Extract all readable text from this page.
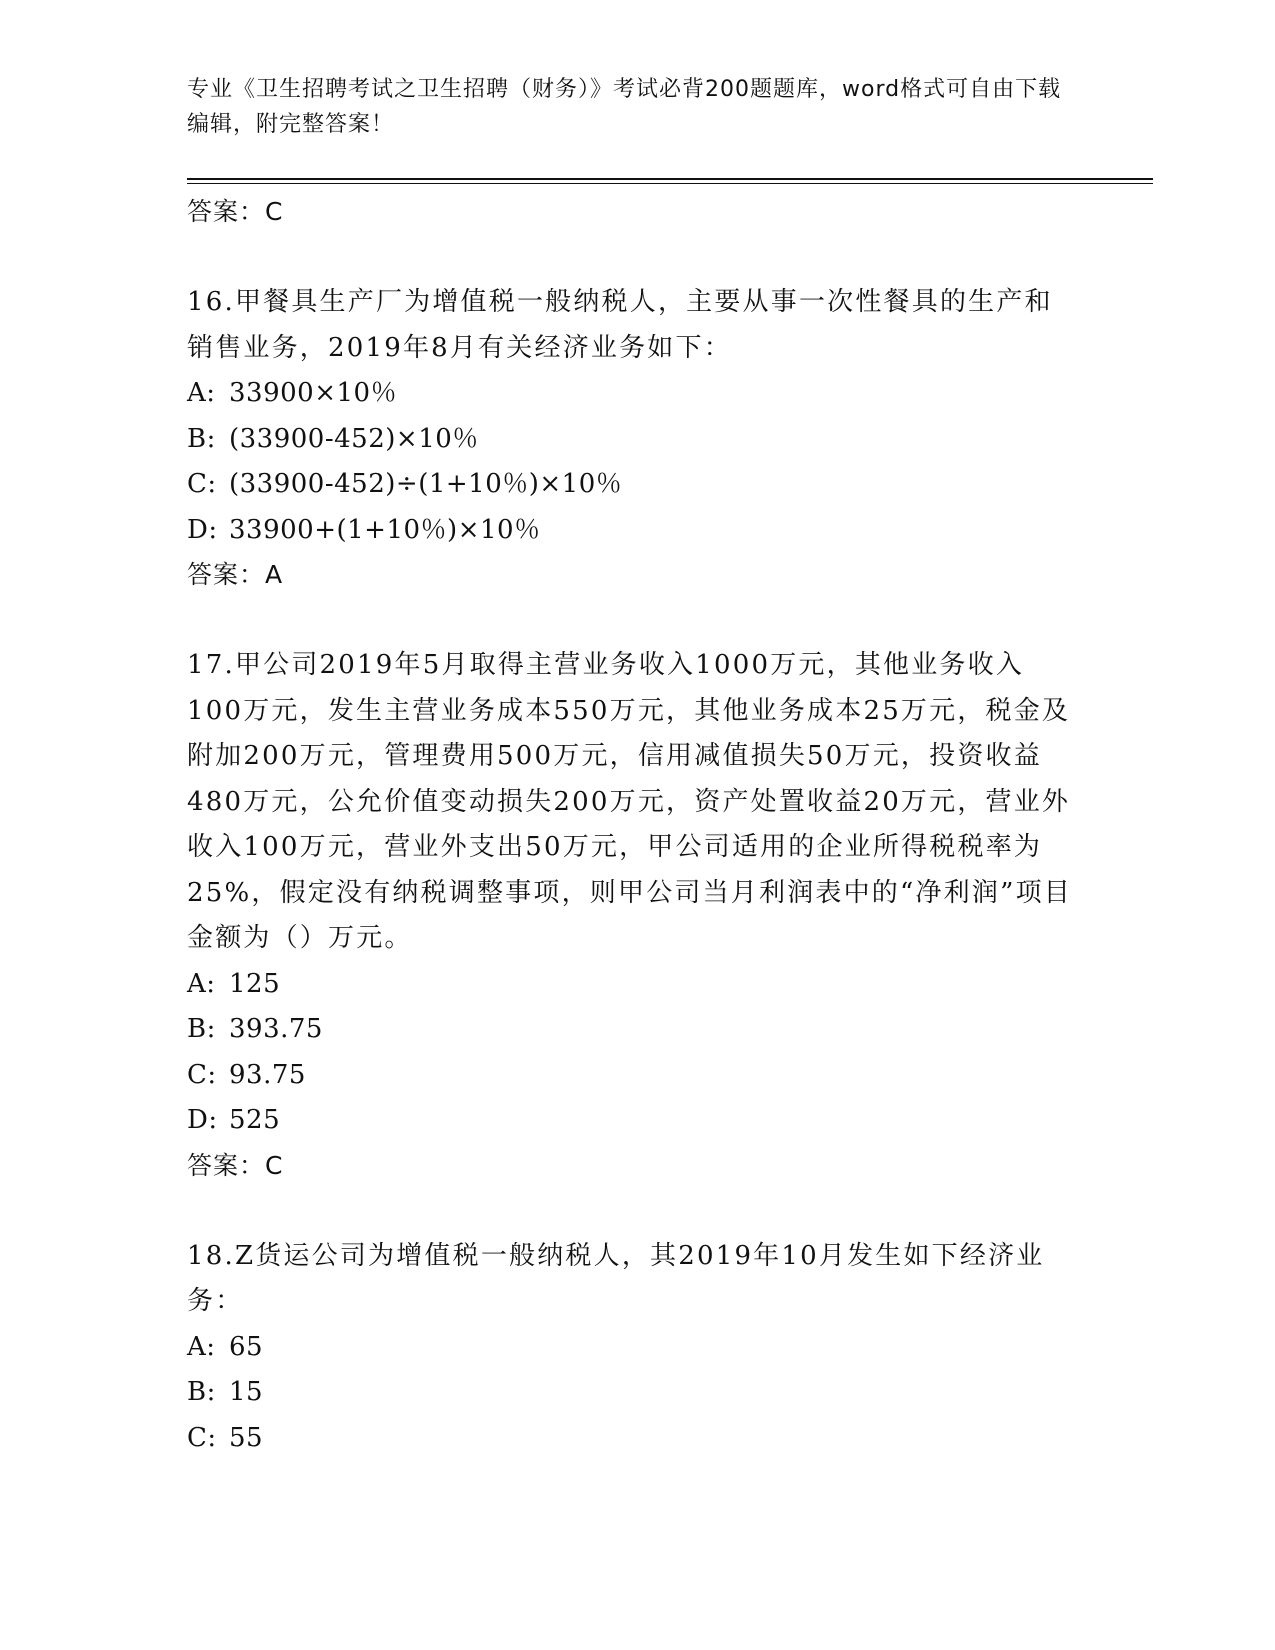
专业《卫生招聘考试之卫生招聘（财务）》考试必背200题题库，word格式可自由下载编辑，附完整答案！
答案：C
16.甲餐具生产厂为增值税一般纳税人，主要从事一次性餐具的生产和销售业务，2019年8月有关经济业务如下：
A: 33900×10％
B: (33900-452)×10％
C: (33900-452)÷(1+10％)×10％
D: 33900+(1+10％)×10％
答案：A
17.甲公司2019年5月取得主营业务收入1000万元，其他业务收入100万元，发生主营业务成本550万元，其他业务成本25万元，税金及附加200万元，管理费用500万元，信用减值损失50万元，投资收益480万元，公允价值变动损失200万元，资产处置收益20万元，营业外收入100万元，营业外支出50万元，甲公司适用的企业所得税税率为25%，假定没有纳税调整事项，则甲公司当月利润表中的“净利润”项目金额为（）万元。
A: 125
B: 393.75
C: 93.75
D: 525
答案：C
18.Z货运公司为增值税一般纳税人，其2019年10月发生如下经济业务：
A: 65
B: 15
C: 55
